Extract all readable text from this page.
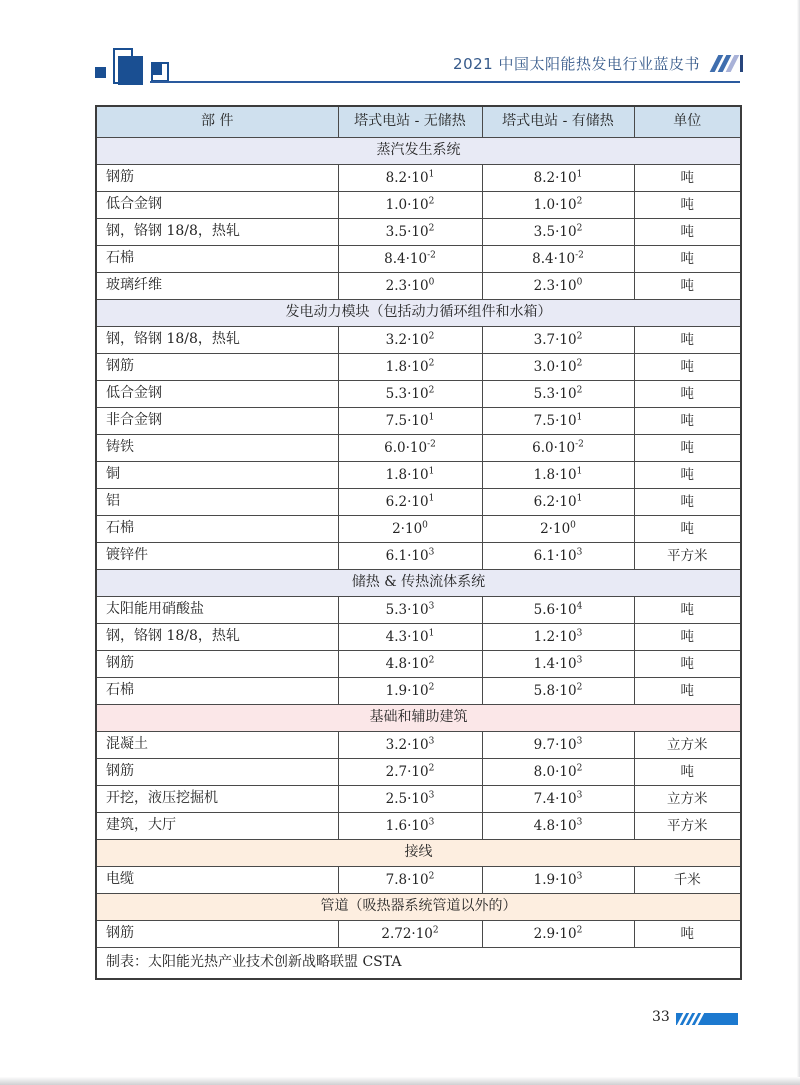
2021 中国太阳能热发电行业蓝皮书
部 件	塔式电站 - 无储热	塔式电站 - 有储热	单位
蒸汽发生系统			
钢筋	$8.2\cdot 10^1$	$8.2\cdot 10^1$	吨
低合金钢	$1.0\cdot 10^2$	$1.0\cdot 10^2$	吨
钢，铬钢 18/8，热轧	$3.5\cdot 10^2$	$3.5\cdot 10^2$	吨
石棉	$8.4\cdot 10^{-2}$	$8.4\cdot 10^{-2}$	吨
玻璃纤维	$2.3\cdot 10^0$	$2.3\cdot 10^0$	吨
发电动力模块（包括动力循环组件和水箱）			
钢，铬钢 18/8，热轧	$3.2\cdot 10^2$	$3.7\cdot 10^2$	吨
钢筋	$1.8\cdot 10^2$	$3.0\cdot 10^2$	吨
低合金钢	$5.3\cdot 10^2$	$5.3\cdot 10^2$	吨
非合金钢	$7.5\cdot 10^1$	$7.5\cdot 10^1$	吨
铸铁	$6.0\cdot 10^{-2}$	$6.0\cdot 10^{-2}$	吨
铜	$1.8\cdot 10^1$	$1.8\cdot 10^1$	吨
铝	$6.2\cdot 10^1$	$6.2\cdot 10^1$	吨
石棉	$2\cdot 10^0$	$2\cdot 10^0$	吨
镀锌件	$6.1\cdot 10^3$	$6.1\cdot 10^3$	平方米
储热 & 传热流体系统			
太阳能用硝酸盐	$5.3\cdot 10^3$	$5.6\cdot 10^4$	吨
钢，铬钢 18/8，热轧	$4.3\cdot 10^1$	$1.2\cdot 10^3$	吨
钢筋	$4.8\cdot 10^2$	$1.4\cdot 10^3$	吨
石棉	$1.9\cdot 10^2$	$5.8\cdot 10^2$	吨
基础和辅助建筑			
混凝土	$3.2\cdot 10^3$	$9.7\cdot 10^3$	立方米
钢筋	$2.7\cdot 10^2$	$8.0\cdot 10^2$	吨
开挖，液压挖掘机	$2.5\cdot 10^3$	$7.4\cdot 10^3$	立方米
建筑，大厅	$1.6\cdot 10^3$	$4.8\cdot 10^3$	平方米
接线			
电缆	$7.8\cdot 10^2$	$1.9\cdot 10^3$	千米
管道（吸热器系统管道以外的）			
钢筋	$2.72\cdot 10^2$	$2.9\cdot 10^2$	吨
制表：太阳能光热产业技术创新战略联盟 CSTA			
33
